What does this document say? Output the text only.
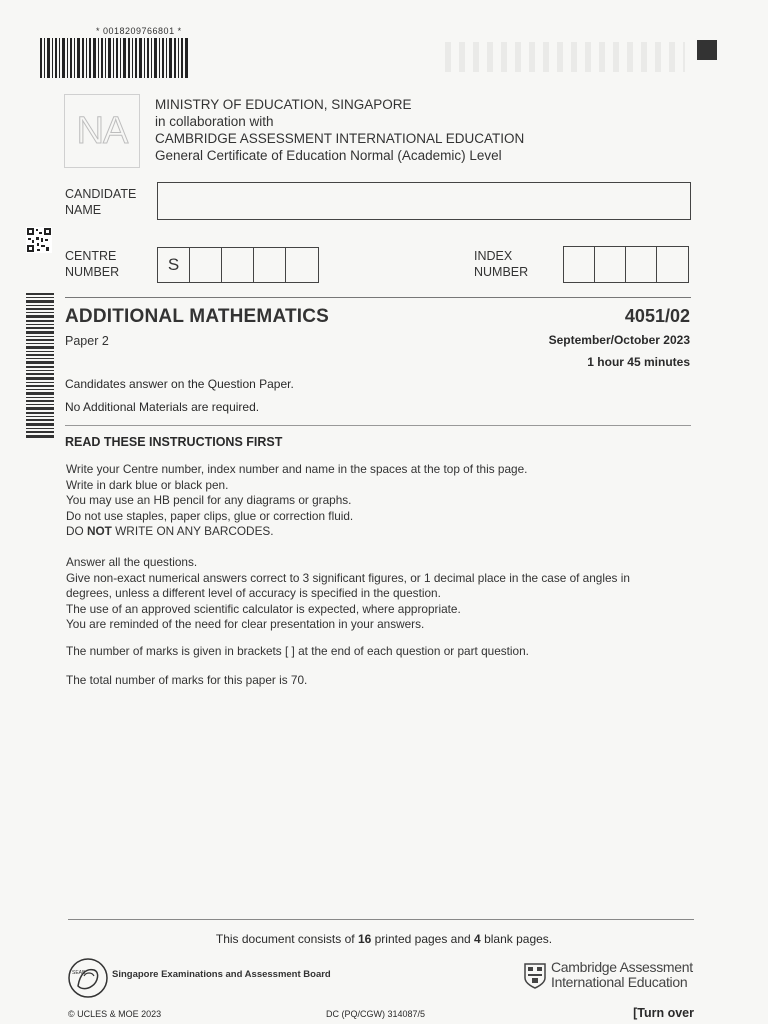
* 0018209766801 *
NA
MINISTRY OF EDUCATION, SINGAPORE
in collaboration with
CAMBRIDGE ASSESSMENT INTERNATIONAL EDUCATION
General Certificate of Education Normal (Academic) Level
CANDIDATE
NAME
CENTRE
NUMBER	S	INDEX
NUMBER
ADDITIONAL MATHEMATICS	4051/02
Paper 2	September/October 2023
1 hour 45 minutes
Candidates answer on the Question Paper.
No Additional Materials are required.
READ THESE INSTRUCTIONS FIRST
Write your Centre number, index number and name in the spaces at the top of this page.
Write in dark blue or black pen.
You may use an HB pencil for any diagrams or graphs.
Do not use staples, paper clips, glue or correction fluid.
DO NOT WRITE ON ANY BARCODES.
Answer all the questions.
Give non-exact numerical answers correct to 3 significant figures, or 1 decimal place in the case of angles in
degrees, unless a different level of accuracy is specified in the question.
The use of an approved scientific calculator is expected, where appropriate.
You are reminded of the need for clear presentation in your answers.
The number of marks is given in brackets [ ] at the end of each question or part question.
The total number of marks for this paper is 70.
This document consists of 16 printed pages and 4 blank pages.
SEAB	Singapore Examinations and Assessment Board	Cambridge Assessment
International Education
© UCLES & MOE 2023	DC (PQ/CGW) 314087/5	[Turn over
